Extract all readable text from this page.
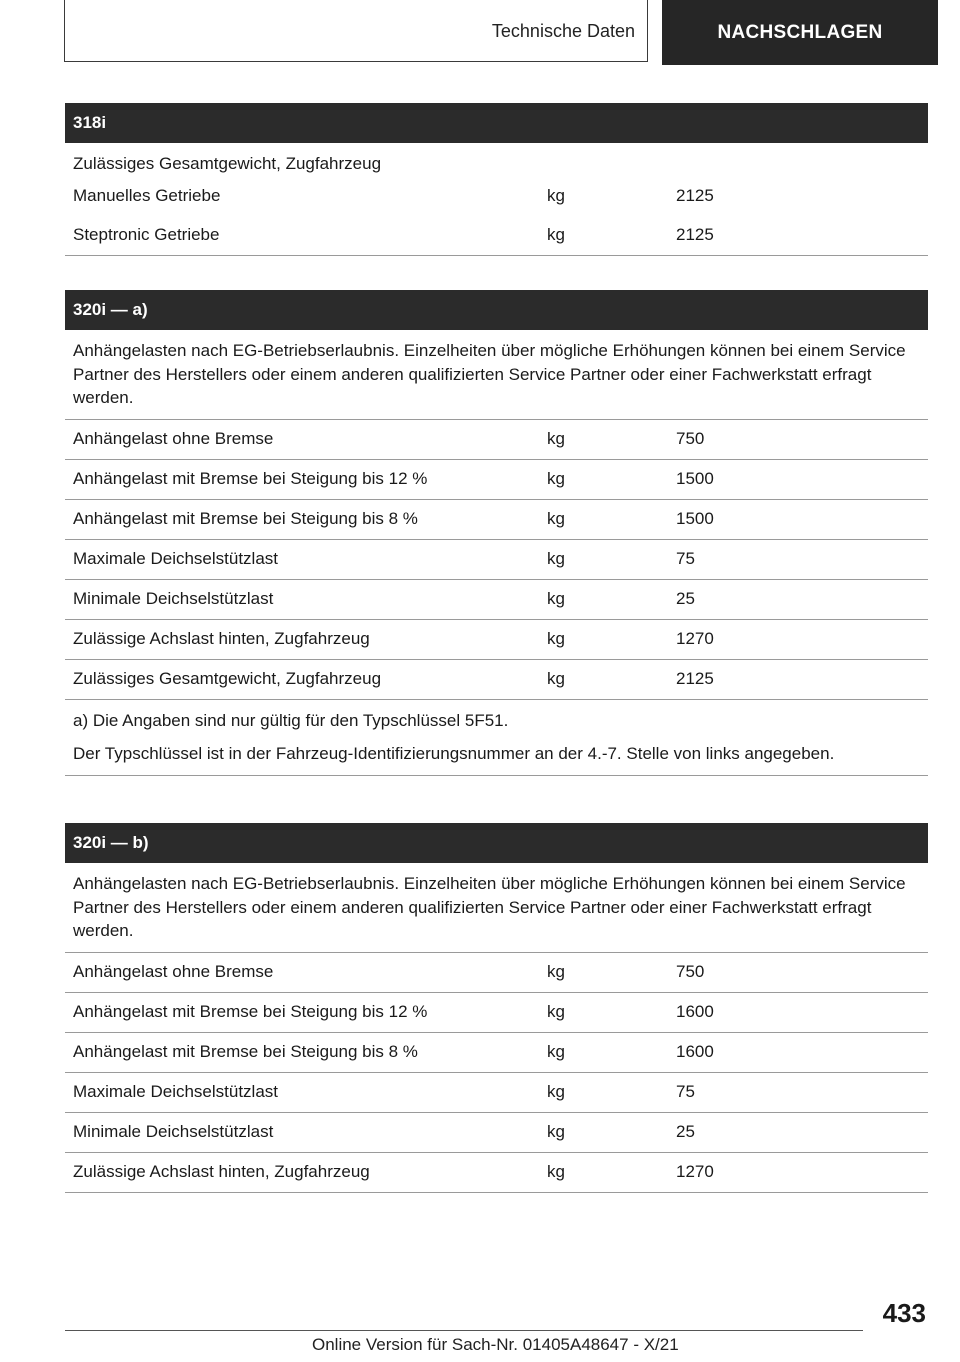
Technische Daten	NACHSCHLAGEN
318i
Zulässiges Gesamtgewicht, Zugfahrzeug
Manuelles Getriebe	kg	2125
Steptronic Getriebe	kg	2125
320i — a)
Anhängelasten nach EG-Betriebserlaubnis. Einzelheiten über mögliche Erhöhungen können bei einem Service Partner des Herstellers oder einem anderen qualifizierten Service Partner oder einer Fachwerkstatt erfragt werden.
Anhängelast ohne Bremse	kg	750
Anhängelast mit Bremse bei Steigung bis 12 %	kg	1500
Anhängelast mit Bremse bei Steigung bis 8 %	kg	1500
Maximale Deichselstützlast	kg	75
Minimale Deichselstützlast	kg	25
Zulässige Achslast hinten, Zugfahrzeug	kg	1270
Zulässiges Gesamtgewicht, Zugfahrzeug	kg	2125
a) Die Angaben sind nur gültig für den Typschlüssel 5F51.
Der Typschlüssel ist in der Fahrzeug-Identifizierungsnummer an der 4.-7. Stelle von links angegeben.
320i — b)
Anhängelasten nach EG-Betriebserlaubnis. Einzelheiten über mögliche Erhöhungen können bei einem Service Partner des Herstellers oder einem anderen qualifizierten Service Partner oder einer Fachwerkstatt erfragt werden.
Anhängelast ohne Bremse	kg	750
Anhängelast mit Bremse bei Steigung bis 12 %	kg	1600
Anhängelast mit Bremse bei Steigung bis 8 %	kg	1600
Maximale Deichselstützlast	kg	75
Minimale Deichselstützlast	kg	25
Zulässige Achslast hinten, Zugfahrzeug	kg	1270
433
Online Version für Sach-Nr. 01405A48647 - X/21
